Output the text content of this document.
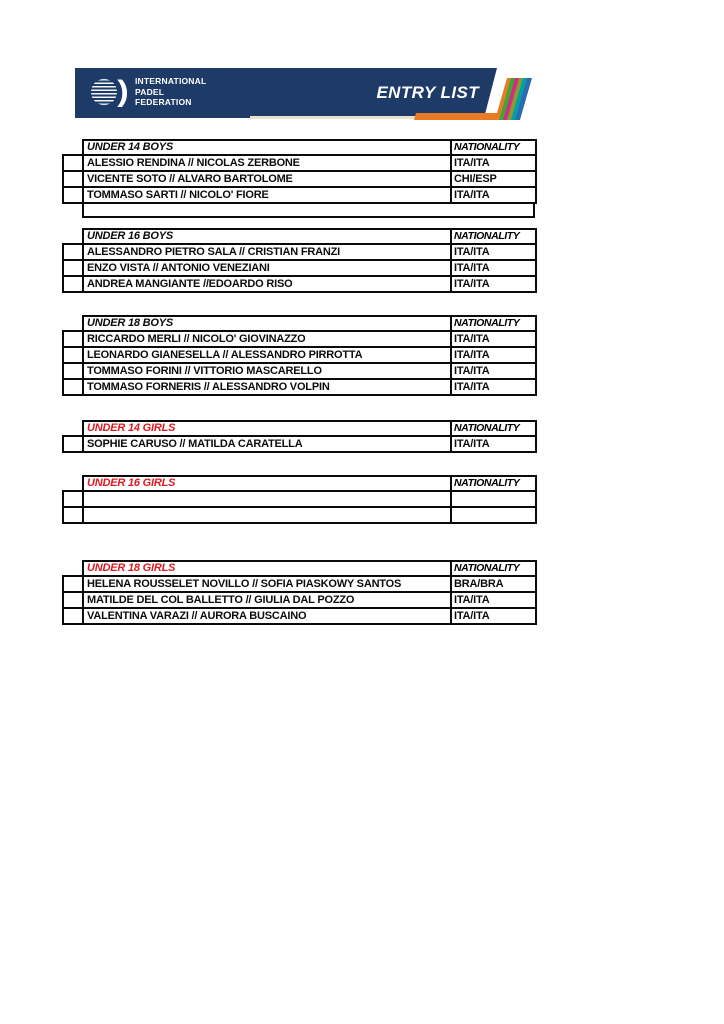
) INTERNATIONAL
PADEL
FEDERATION	ENTRY LIST
	UNDER 14 BOYS	NATIONALITY
	ALESSIO RENDINA // NICOLAS ZERBONE	ITA/ITA
	VICENTE SOTO // ALVARO BARTOLOME	CHI/ESP
	TOMMASO SARTI // NICOLO' FIORE	ITA/ITA
	UNDER 16 BOYS	NATIONALITY
	ALESSANDRO PIETRO SALA // CRISTIAN FRANZI	ITA/ITA
	ENZO VISTA // ANTONIO VENEZIANI	ITA/ITA
	ANDREA MANGIANTE //EDOARDO RISO	ITA/ITA
	UNDER 18 BOYS	NATIONALITY
	RICCARDO MERLI // NICOLO' GIOVINAZZO	ITA/ITA
	LEONARDO GIANESELLA // ALESSANDRO PIRROTTA	ITA/ITA
	TOMMASO FORINI // VITTORIO MASCARELLO	ITA/ITA
	TOMMASO FORNERIS // ALESSANDRO VOLPIN	ITA/ITA
	UNDER 14 GIRLS	NATIONALITY
	SOPHIE CARUSO // MATILDA CARATELLA	ITA/ITA
	UNDER 16 GIRLS	NATIONALITY

	UNDER 18 GIRLS	NATIONALITY
	HELENA ROUSSELET NOVILLO // SOFIA PIASKOWY SANTOS	BRA/BRA
	MATILDE DEL COL BALLETTO // GIULIA DAL POZZO	ITA/ITA
	VALENTINA VARAZI // AURORA BUSCAINO	ITA/ITA
